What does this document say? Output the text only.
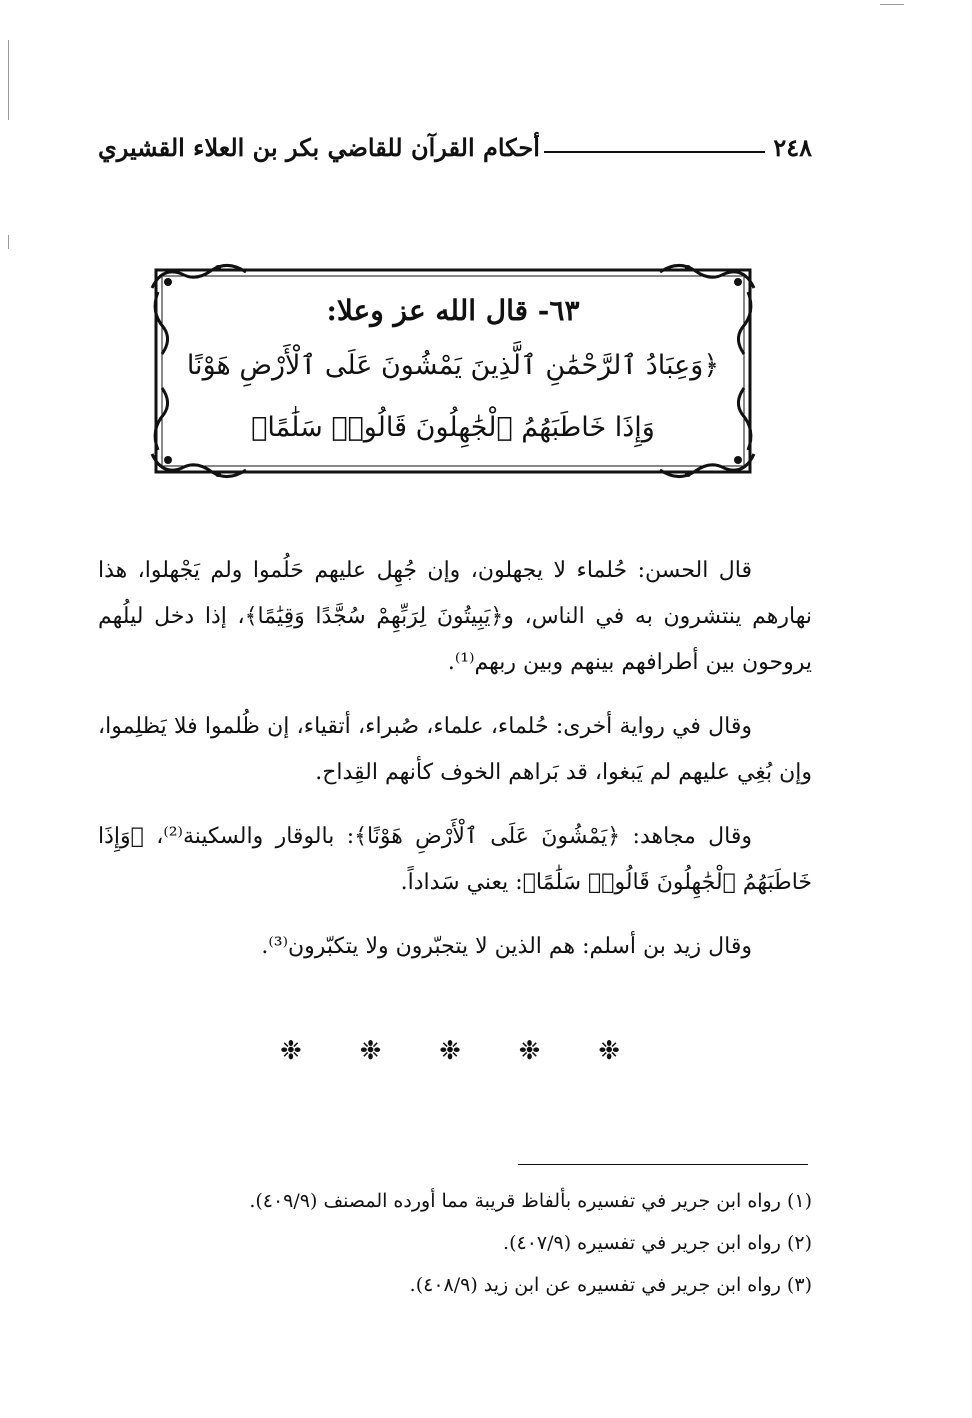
٢٤٨
أحكام القرآن للقاضي بكر بن العلاء القشيري
٦٣- قال الله عز وعلا:
﴿وَعِبَادُ ٱلرَّحْمَٰنِ ٱلَّذِينَ يَمْشُونَ عَلَى ٱلْأَرْضِ هَوْنًا
وَإِذَا خَاطَبَهُمُ ٱلْجَٰهِلُونَ قَالُوا۟ سَلَٰمًا﴾

قال الحسن: حُلماء لا يجهلون، وإن جُهِل عليهم حَلُموا ولم يَجْهلوا، هذا نهارهم ينتشرون به في الناس، و﴿يَبِيتُونَ لِرَبِّهِمْ سُجَّدًا وَقِيَٰمًا﴾، إذا دخل ليلُهم يروحون بين أطرافهم بينهم وبين ربهم⁽¹⁾.

وقال في رواية أخرى: حُلماء، علماء، صُبراء، أتقياء، إن ظُلموا فلا يَظلِموا، وإن بُغِي عليهم لم يَبغوا، قد بَراهم الخوف كأنهم القِداح.

وقال مجاهد: ﴿يَمْشُونَ عَلَى ٱلْأَرْضِ هَوْنًا﴾: بالوقار والسكينة⁽²⁾، ﴿وَإِذَا خَاطَبَهُمُ ٱلْجَٰهِلُونَ قَالُوا۟ سَلَٰمًا﴾: يعني سَداداً.

وقال زيد بن أسلم: هم الذين لا يتجبّرون ولا يتكبّرون⁽³⁾.

❉
❉
❉
❉
❉
(١) رواه ابن جرير في تفسيره بألفاظ قريبة مما أورده المصنف (٤٠٩/٩).
(٢) رواه ابن جرير في تفسيره (٤٠٧/٩).
(٣) رواه ابن جرير في تفسيره عن ابن زيد (٤٠٨/٩).
